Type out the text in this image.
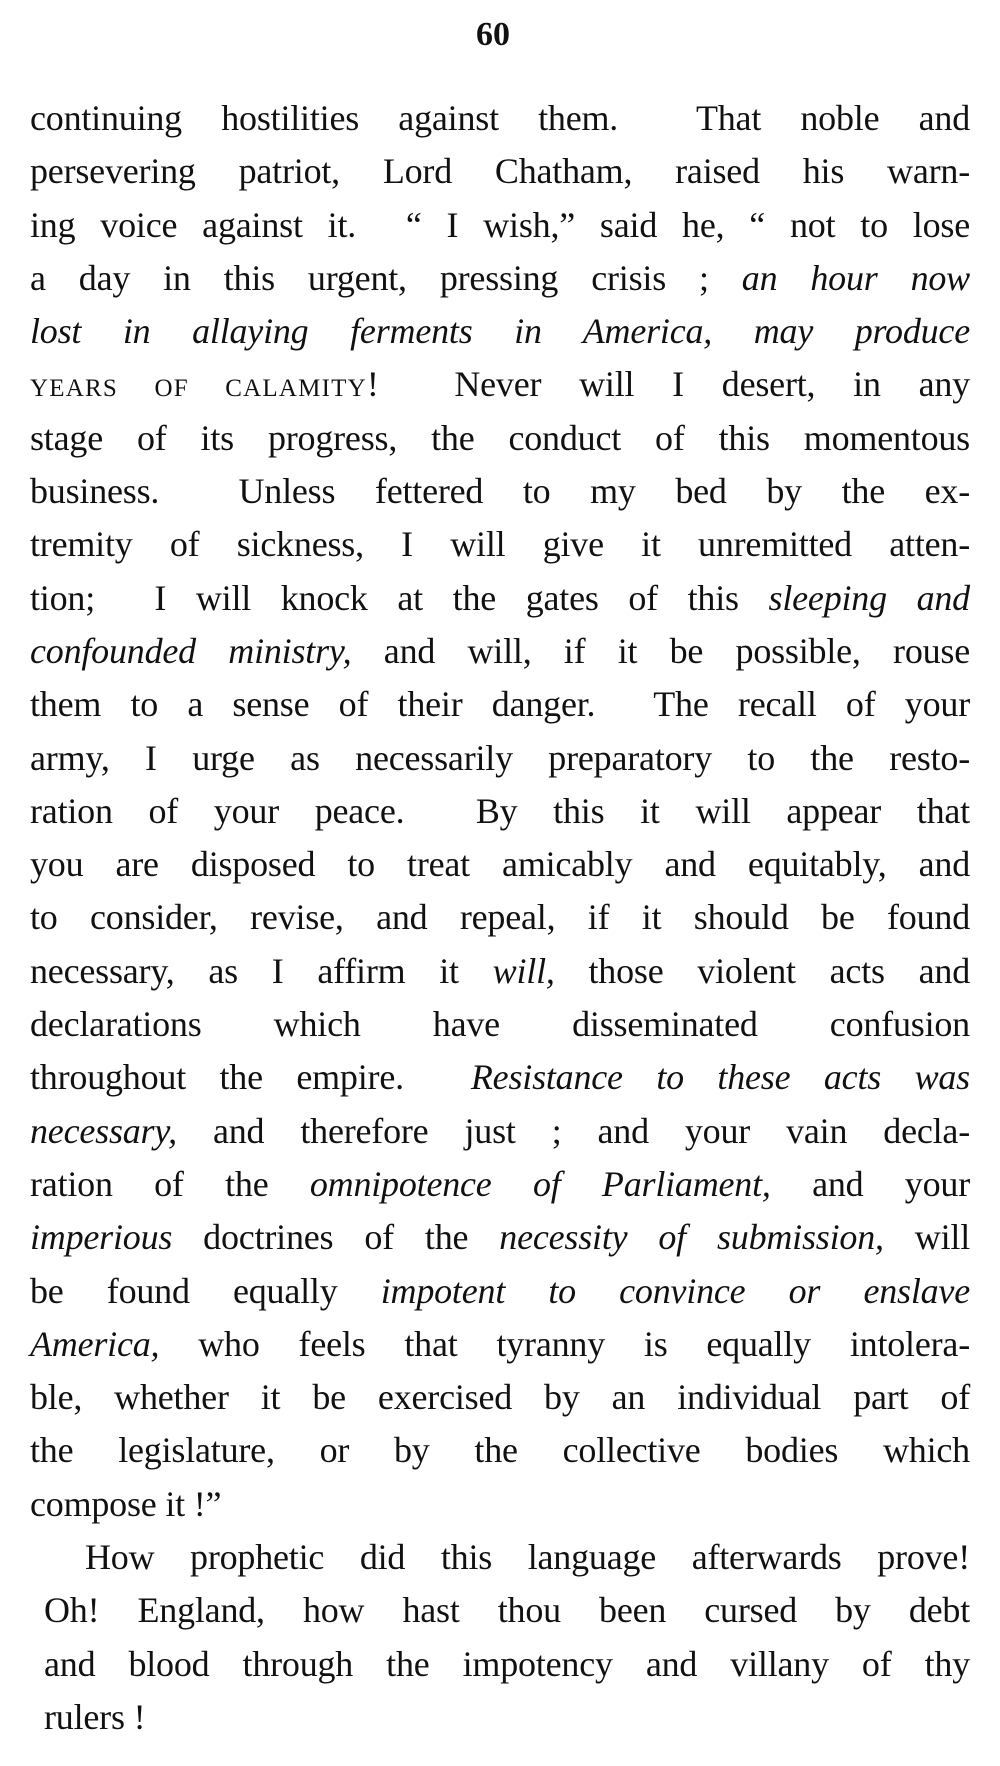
60
continuing hostilities against them.  That noble and
persevering patriot, Lord Chatham, raised his warn-
ing voice against it.  “ I wish,” said he, “ not to lose
a day in this urgent, pressing crisis ; an hour now
lost in allaying ferments in America, may produce
YEARS OF CALAMITY!  Never will I desert, in any
stage of its progress, the conduct of this momentous
business.  Unless fettered to my bed by the ex-
tremity of sickness, I will give it unremitted atten-
tion;  I will knock at the gates of this sleeping and
confounded ministry, and will, if it be possible, rouse
them to a sense of their danger.  The recall of your
army, I urge as necessarily preparatory to the resto-
ration of your peace.  By this it will appear that
you are disposed to treat amicably and equitably, and
to consider, revise, and repeal, if it should be found
necessary, as I affirm it will, those violent acts and
declarations which have disseminated confusion
throughout the empire.  Resistance to these acts was
necessary, and therefore just ; and your vain decla-
ration of the omnipotence of Parliament, and your
imperious doctrines of the necessity of submission, will
be found equally impotent to convince or enslave
America, who feels that tyranny is equally intolera-
ble, whether it be exercised by an individual part of
the legislature, or by the collective bodies which
compose it !”
How prophetic did this language afterwards prove!
Oh! England, how hast thou been cursed by debt
and blood through the impotency and villany of thy
rulers !
